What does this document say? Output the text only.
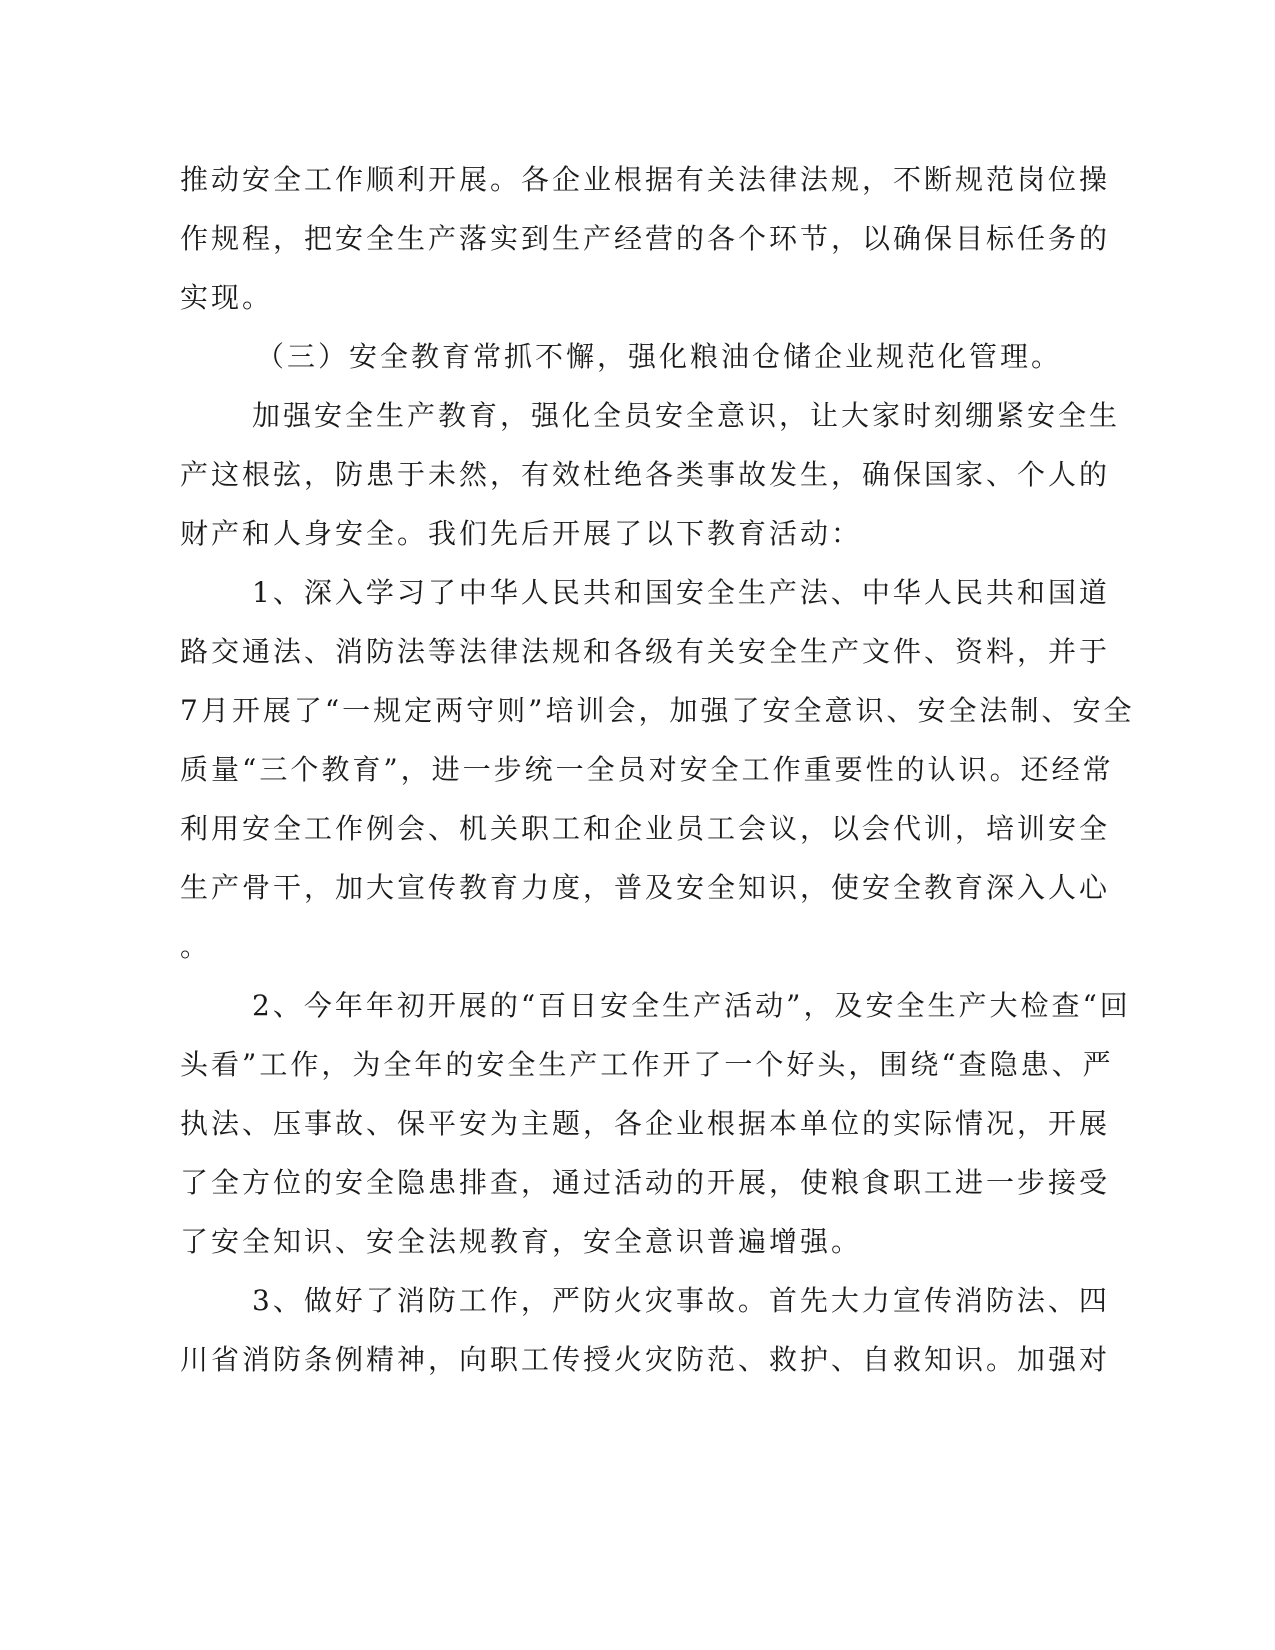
推动安全工作顺利开展。各企业根据有关法律法规，不断规范岗位操
作规程，把安全生产落实到生产经营的各个环节，以确保目标任务的
实现。
（三）安全教育常抓不懈，强化粮油仓储企业规范化管理。
加强安全生产教育，强化全员安全意识，让大家时刻绷紧安全生
产这根弦，防患于未然，有效杜绝各类事故发生，确保国家、个人的
财产和人身安全。我们先后开展了以下教育活动：
1、深入学习了中华人民共和国安全生产法、中华人民共和国道
路交通法、消防法等法律法规和各级有关安全生产文件、资料，并于
7月开展了“一规定两守则”培训会，加强了安全意识、安全法制、安全
质量“三个教育”，进一步统一全员对安全工作重要性的认识。还经常
利用安全工作例会、机关职工和企业员工会议，以会代训，培训安全
生产骨干，加大宣传教育力度，普及安全知识，使安全教育深入人心
。
2、今年年初开展的“百日安全生产活动”，及安全生产大检查“回
头看”工作，为全年的安全生产工作开了一个好头，围绕“查隐患、严
执法、压事故、保平安为主题，各企业根据本单位的实际情况，开展
了全方位的安全隐患排查，通过活动的开展，使粮食职工进一步接受
了安全知识、安全法规教育，安全意识普遍增强。
3、做好了消防工作，严防火灾事故。首先大力宣传消防法、四
川省消防条例精神，向职工传授火灾防范、救护、自救知识。加强对
